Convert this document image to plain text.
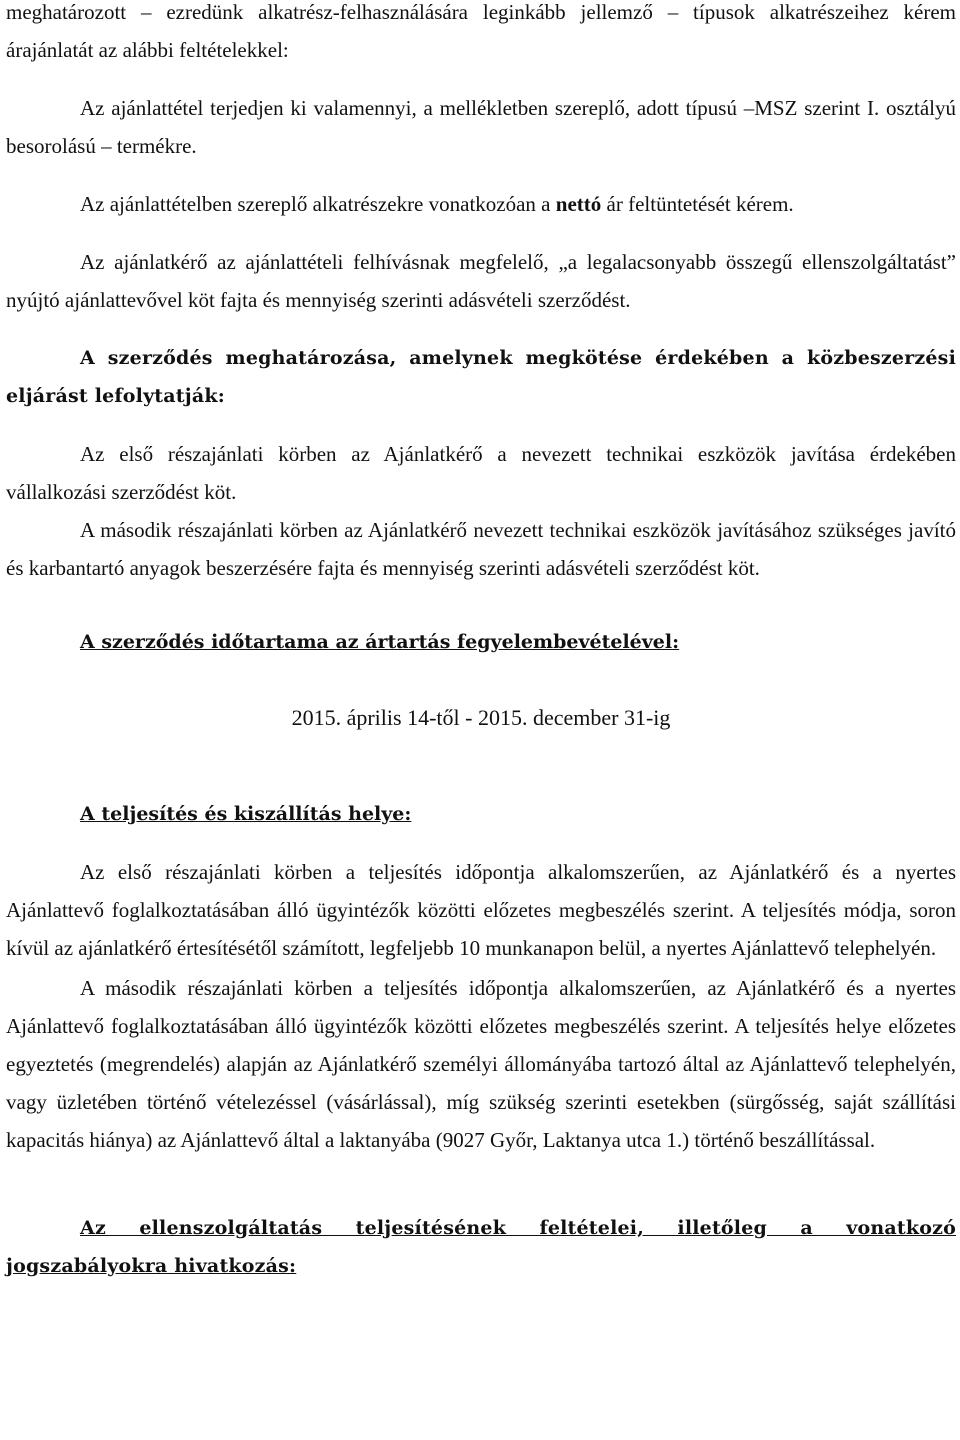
meghatározott – ezredünk alkatrész-felhasználására leginkább jellemző – típusok alkatrészeihez kérem árajánlatát az alábbi feltételekkel:

Az ajánlattétel terjedjen ki valamennyi, a mellékletben szereplő, adott típusú –MSZ szerint I. osztályú besorolású – termékre.

Az ajánlattételben szereplő alkatrészekre vonatkozóan a nettó ár feltüntetését kérem.

Az ajánlatkérő az ajánlattételi felhívásnak megfelelő, „a legalacsonyabb összegű ellenszolgáltatást” nyújtó ajánlattevővel köt fajta és mennyiség szerinti adásvételi szerződést.

A szerződés meghatározása, amelynek megkötése érdekében a közbeszerzési eljárást lefolytatják:

Az első részajánlati körben az Ajánlatkérő a nevezett technikai eszközök javítása érdekében vállalkozási szerződést köt.

A második részajánlati körben az Ajánlatkérő nevezett technikai eszközök javításához szükséges javító és karbantartó anyagok beszerzésére fajta és mennyiség szerinti adásvételi szerződést köt.

A szerződés időtartama az ártartás fegyelembevételével:

2015. április 14-től - 2015. december 31-ig

A teljesítés és kiszállítás helye:

Az első részajánlati körben a teljesítés időpontja alkalomszerűen, az Ajánlatkérő és a nyertes Ajánlattevő foglalkoztatásában álló ügyintézők közötti előzetes megbeszélés szerint. A teljesítés módja, soron kívül az ajánlatkérő értesítésétől számított, legfeljebb 10 munkanapon belül, a nyertes Ajánlattevő telephelyén.

A második részajánlati körben a teljesítés időpontja alkalomszerűen, az Ajánlatkérő és a nyertes Ajánlattevő foglalkoztatásában álló ügyintézők közötti előzetes megbeszélés szerint. A teljesítés helye előzetes egyeztetés (megrendelés) alapján az Ajánlatkérő személyi állományába tartozó által az Ajánlattevő telephelyén, vagy üzletében történő vételezéssel (vásárlással), míg szükség szerinti esetekben (sürgősség, saját szállítási kapacitás hiánya) az Ajánlattevő által a laktanyába (9027 Győr, Laktanya utca 1.) történő beszállítással.

Az ellenszolgáltatás teljesítésének feltételei, illetőleg a vonatkozó jogszabályokra hivatkozás:
